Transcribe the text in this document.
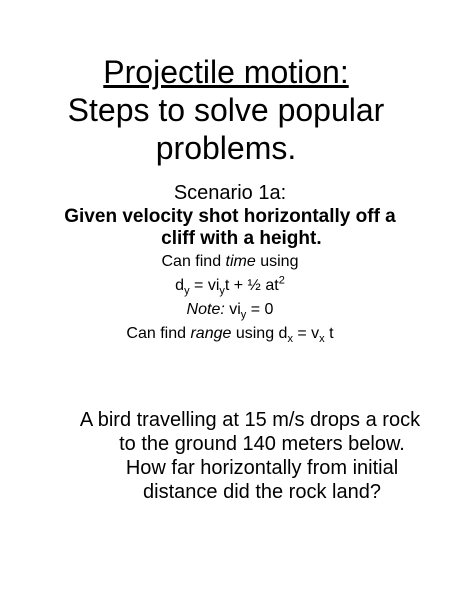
Projectile motion:
Steps to solve popular problems.
Scenario 1a:
Given velocity shot horizontally off a cliff with a height.
Can find time using
$d_y = vi_yt$ + ½ $at^2$
Note: $vi_y = 0$
Can find range using $d_x = v_x$ t
A bird travelling at 15 m/s drops a rock to the ground 140 meters below. How far horizontally from initial distance did the rock land?
